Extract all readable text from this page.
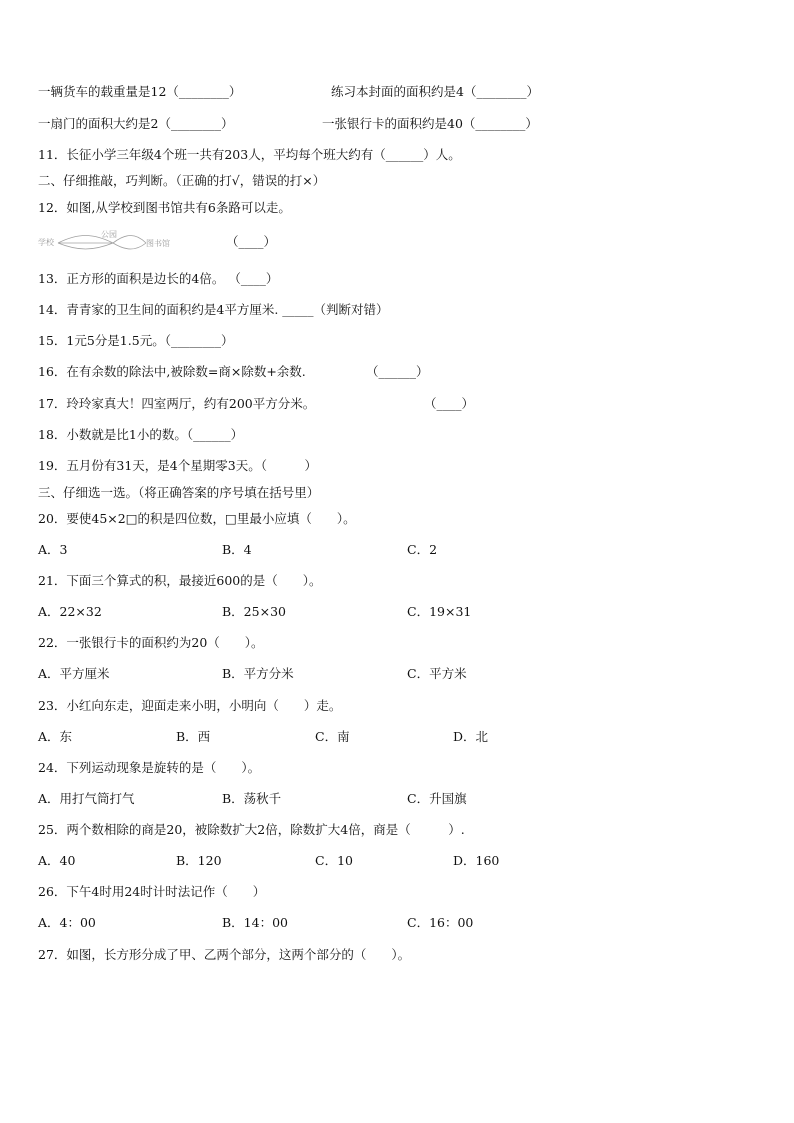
一辆货车的载重量是12（________）	练习本封面的面积约是4（________）
一扇门的面积大约是2（________）	一张银行卡的面积约是40（________）
11．长征小学三年级4个班一共有203人，平均每个班大约有（______）人。
二、仔细推敲，巧判断。（正确的打√，错误的打×）
12．如图,从学校到图书馆共有6条路可以走。
学校
公园
图书馆	（____）
13．正方形的面积是边长的4倍。 （____）
14．青青家的卫生间的面积约是4平方厘米. _____（判断对错）
15．1元5分是1.5元。（________）
16．在有余数的除法中,被除数=商×除数+余数.	（______）
17．玲玲家真大！四室两厅，约有200平方分米。	（____）
18．小数就是比1小的数。（______）
19．五月份有31天，是4个星期零3天。（　　　）
三、仔细选一选。（将正确答案的序号填在括号里）
20．要使45×2□的积是四位数，□里最小应填（　　）。
A．3	B．4	C．2
21．下面三个算式的积，最接近600的是（　　）。
A．22×32	B．25×30	C．19×31
22．一张银行卡的面积约为20（　　）。
A．平方厘米	B．平方分米	C．平方米
23．小红向东走，迎面走来小明，小明向（　　）走。
A．东	B．西	C．南	D．北
24．下列运动现象是旋转的是（　　）。
A．用打气筒打气	B．荡秋千	C．升国旗
25．两个数相除的商是20，被除数扩大2倍，除数扩大4倍，商是（　　　）.
A．40	B．120	C．10	D．160
26．下午4时用24时计时法记作（　　）
A．4：00	B．14：00	C．16：00
27．如图，长方形分成了甲、乙两个部分，这两个部分的（　　）。
